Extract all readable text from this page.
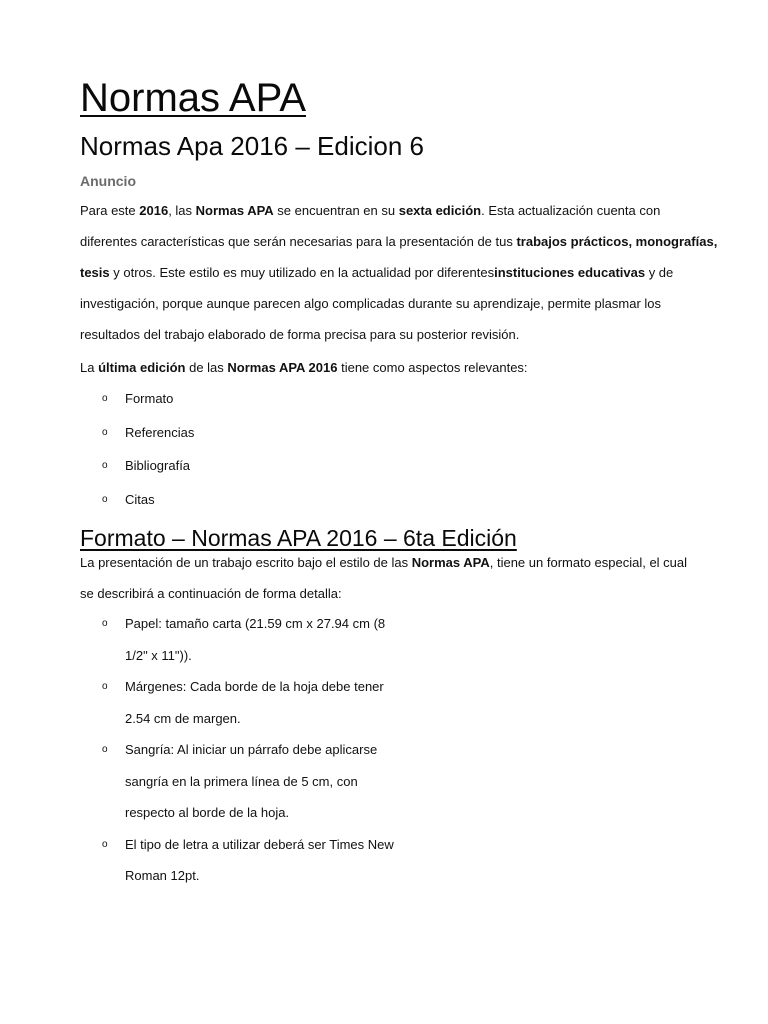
Normas APA
Normas Apa 2016 – Edicion 6
Anuncio

Para este 2016, las Normas APA se encuentran en su sexta edición. Esta actualización cuenta con diferentes características que serán necesarias para la presentación de tus trabajos prácticos, monografías, tesis y otros. Este estilo es muy utilizado en la actualidad por diferentesinstituciones educativas y de investigación, porque aunque parecen algo complicadas durante su aprendizaje, permite plasmar los resultados del trabajo elaborado de forma precisa para su posterior revisión.

La última edición de las Normas APA 2016 tiene como aspectos relevantes:

o Formato
o Referencias
o Bibliografía
o Citas
Formato – Normas APA 2016 – 6ta Edición

La presentación de un trabajo escrito bajo el estilo de las Normas APA, tiene un formato especial, el cual se describirá a continuación de forma detalla:

o Papel: tamaño carta (21.59 cm x 27.94 cm (8 1/2" x 11")).
o Márgenes: Cada borde de la hoja debe tener 2.54 cm de margen.
o Sangría: Al iniciar un párrafo debe aplicarse sangría en la primera línea de 5 cm, con respecto al borde de la hoja.
o El tipo de letra a utilizar deberá ser Times New Roman 12pt.
